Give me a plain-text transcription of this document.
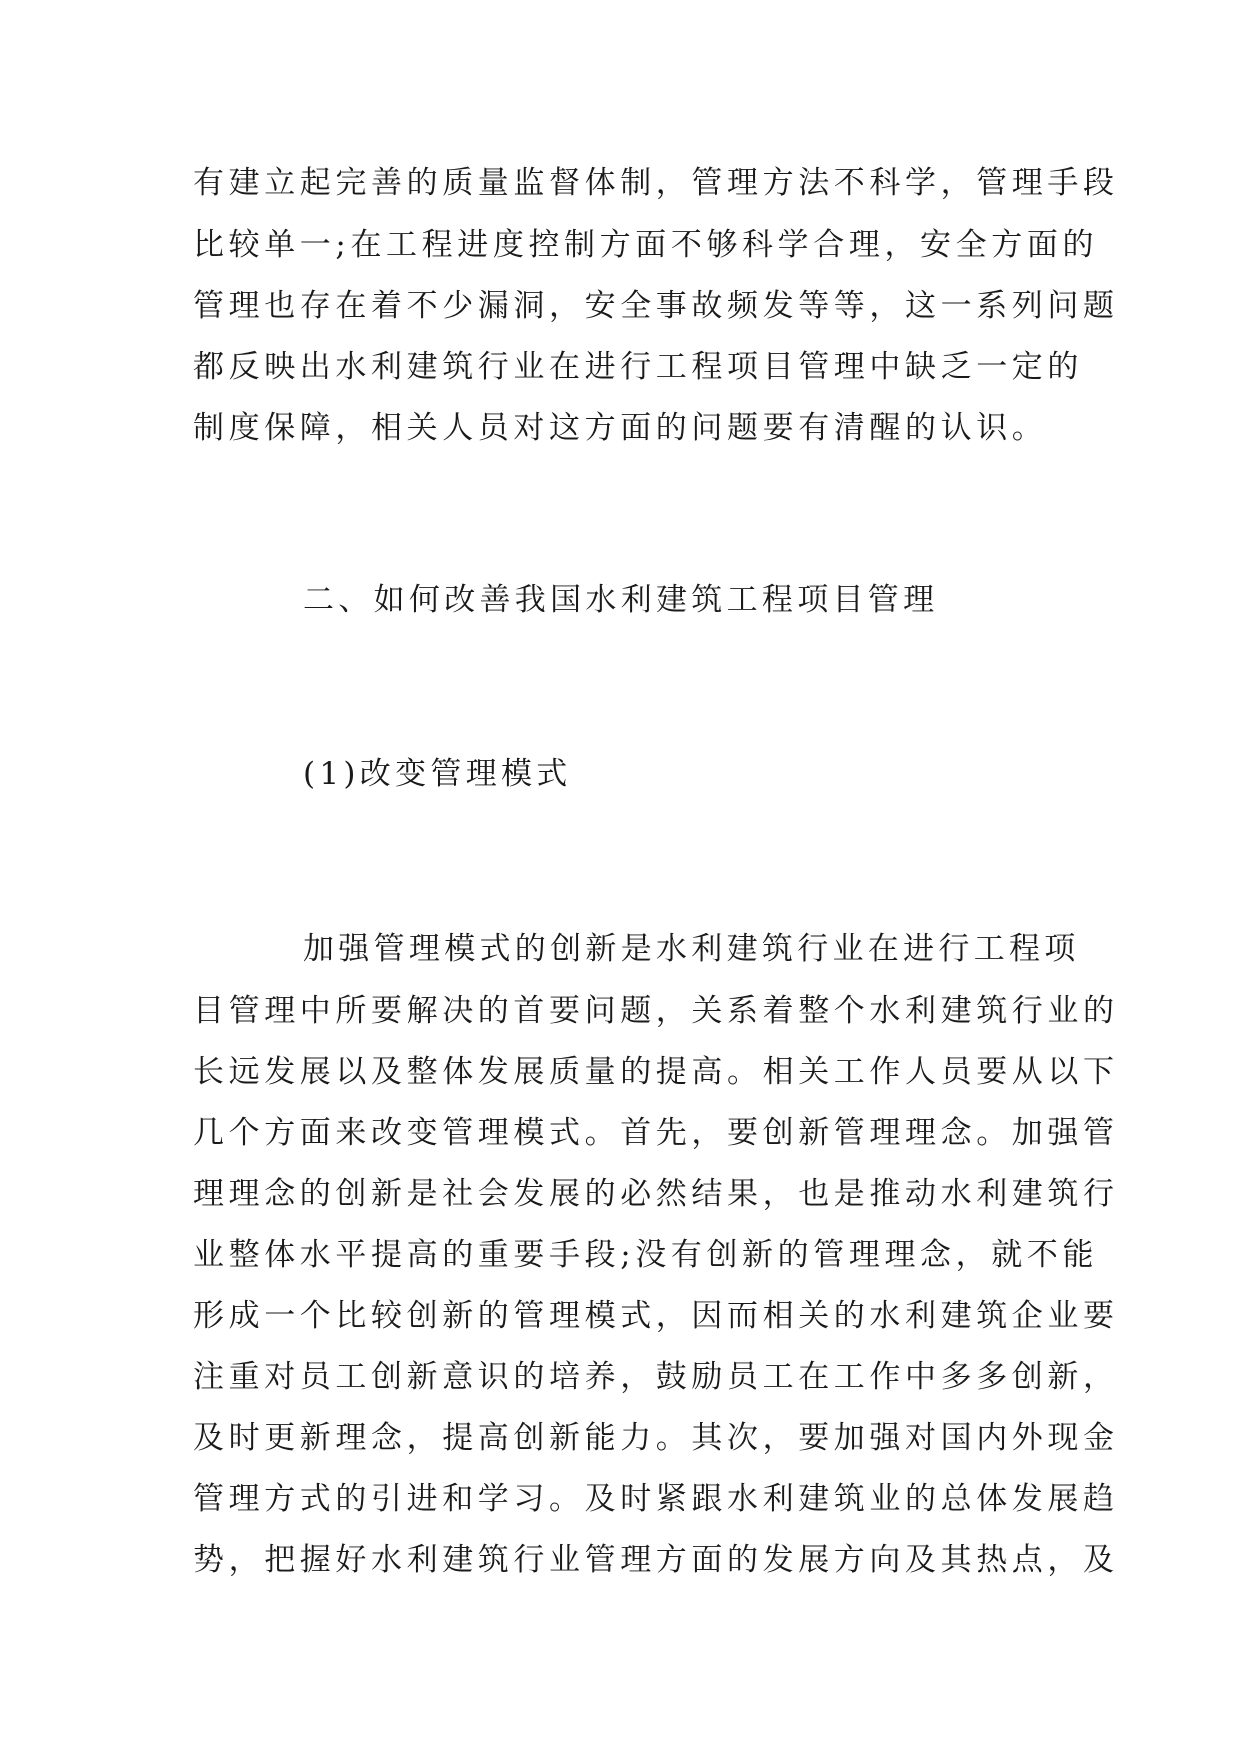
有建立起完善的质量监督体制，管理方法不科学，管理手段

比较单一;在工程进度控制方面不够科学合理，安全方面的

管理也存在着不少漏洞，安全事故频发等等，这一系列问题

都反映出水利建筑行业在进行工程项目管理中缺乏一定的

制度保障，相关人员对这方面的问题要有清醒的认识。

二、如何改善我国水利建筑工程项目管理

(1)改变管理模式

加强管理模式的创新是水利建筑行业在进行工程项

目管理中所要解决的首要问题，关系着整个水利建筑行业的

长远发展以及整体发展质量的提高。相关工作人员要从以下

几个方面来改变管理模式。首先，要创新管理理念。加强管

理理念的创新是社会发展的必然结果，也是推动水利建筑行

业整体水平提高的重要手段;没有创新的管理理念，就不能

形成一个比较创新的管理模式，因而相关的水利建筑企业要

注重对员工创新意识的培养，鼓励员工在工作中多多创新，

及时更新理念，提高创新能力。其次，要加强对国内外现金

管理方式的引进和学习。及时紧跟水利建筑业的总体发展趋

势，把握好水利建筑行业管理方面的发展方向及其热点，及
